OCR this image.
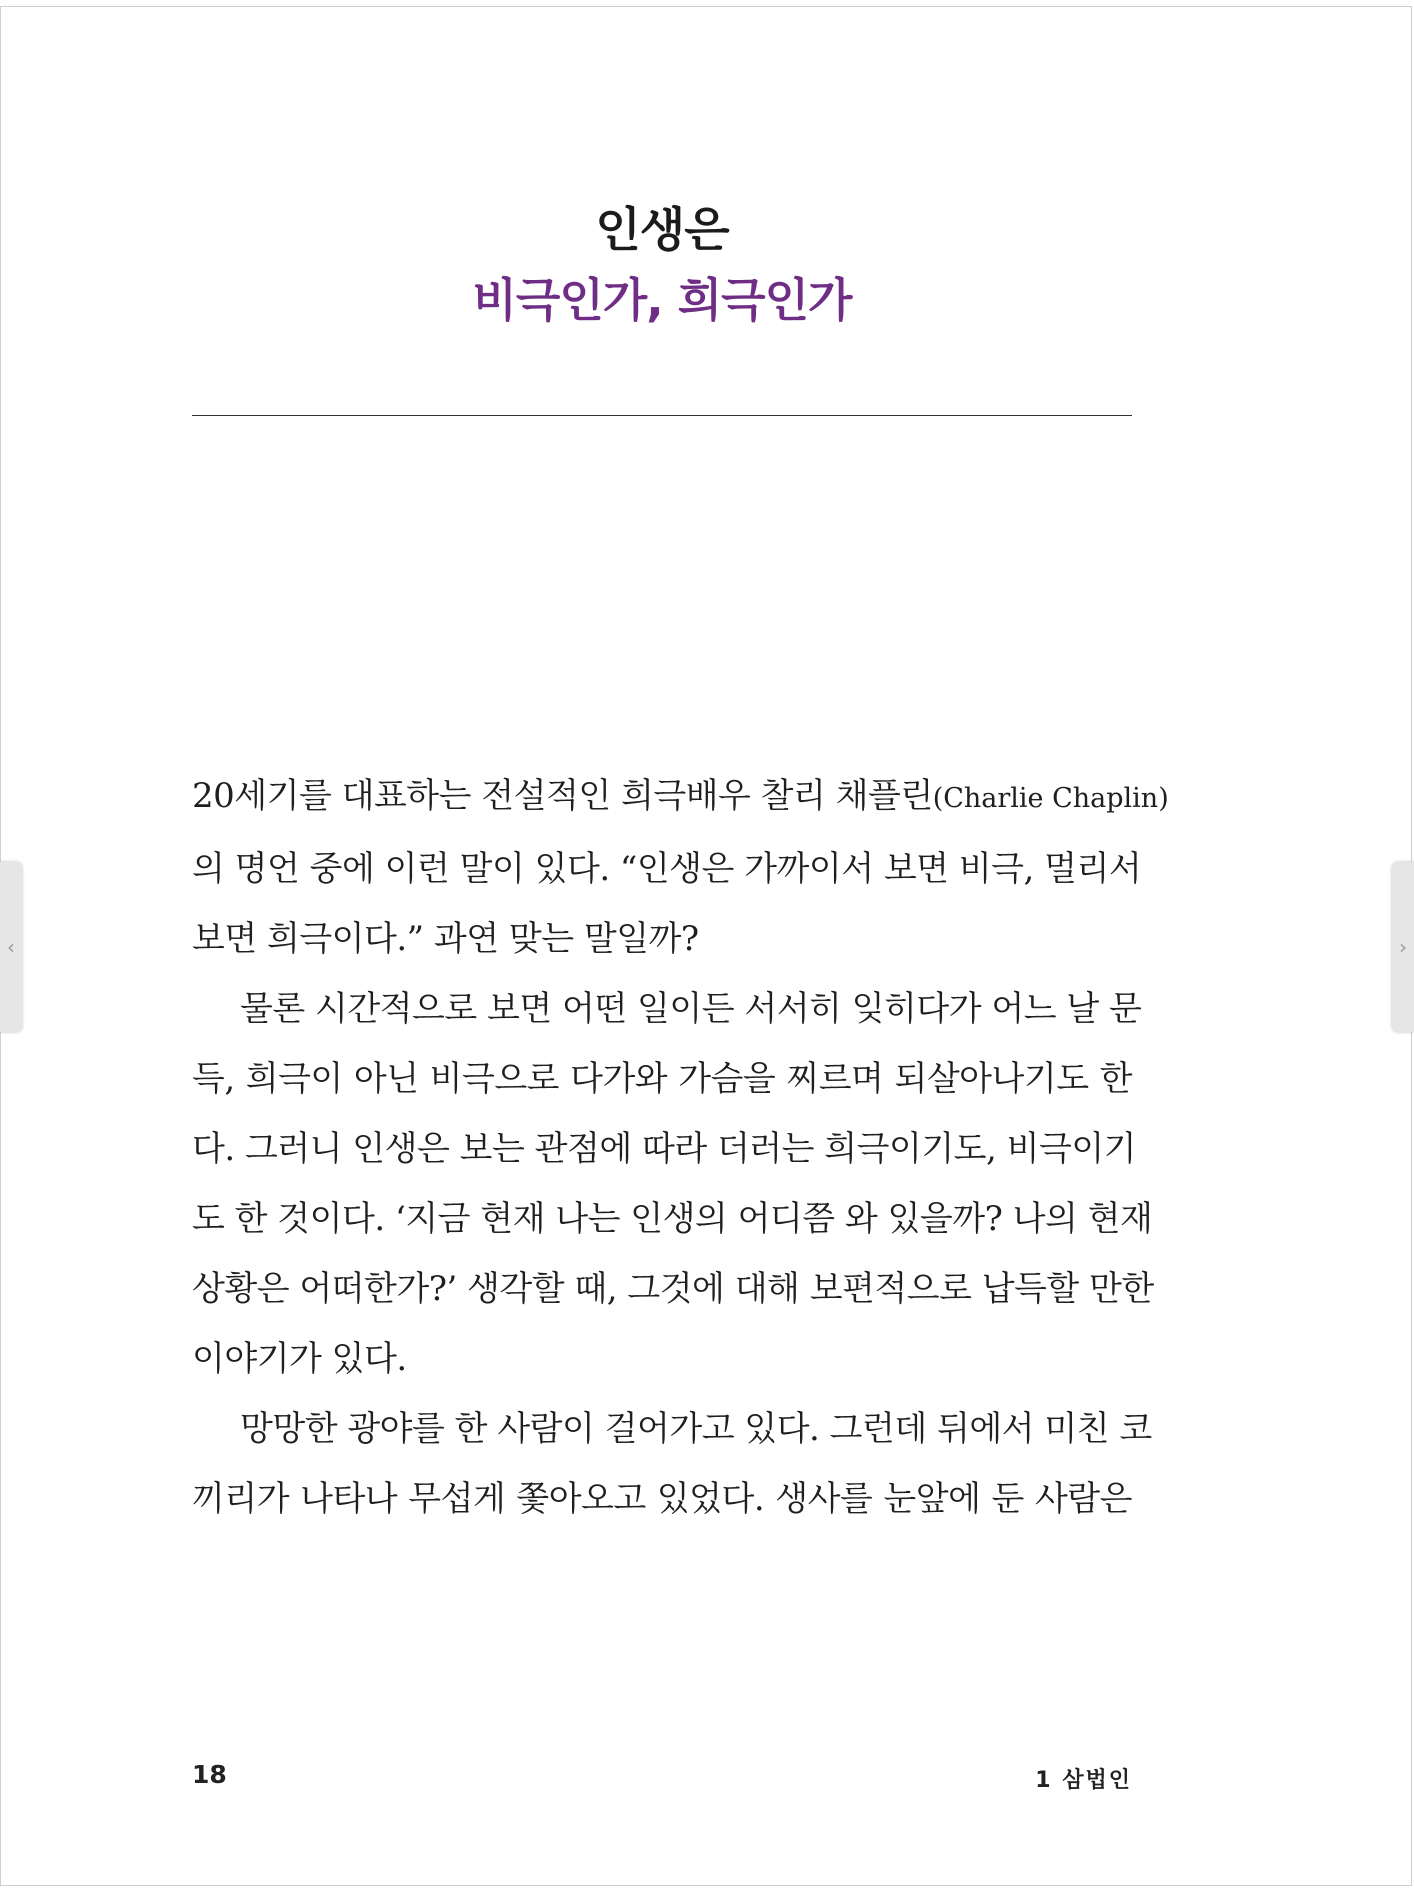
‹	›
인생은
비극인가, 희극인가
20세기를 대표하는 전설적인 희극배우 찰리 채플린(Charlie Chaplin)
의 명언 중에 이런 말이 있다. “인생은 가까이서 보면 비극, 멀리서
보면 희극이다.” 과연 맞는 말일까?
물론 시간적으로 보면 어떤 일이든 서서히 잊히다가 어느 날 문
득, 희극이 아닌 비극으로 다가와 가슴을 찌르며 되살아나기도 한
다. 그러니 인생은 보는 관점에 따라 더러는 희극이기도, 비극이기
도 한 것이다. ‘지금 현재 나는 인생의 어디쯤 와 있을까? 나의 현재
상황은 어떠한가?’ 생각할 때, 그것에 대해 보편적으로 납득할 만한
이야기가 있다.
망망한 광야를 한 사람이 걸어가고 있다. 그런데 뒤에서 미친 코
끼리가 나타나 무섭게 쫓아오고 있었다. 생사를 눈앞에 둔 사람은
18	1 삼법인
